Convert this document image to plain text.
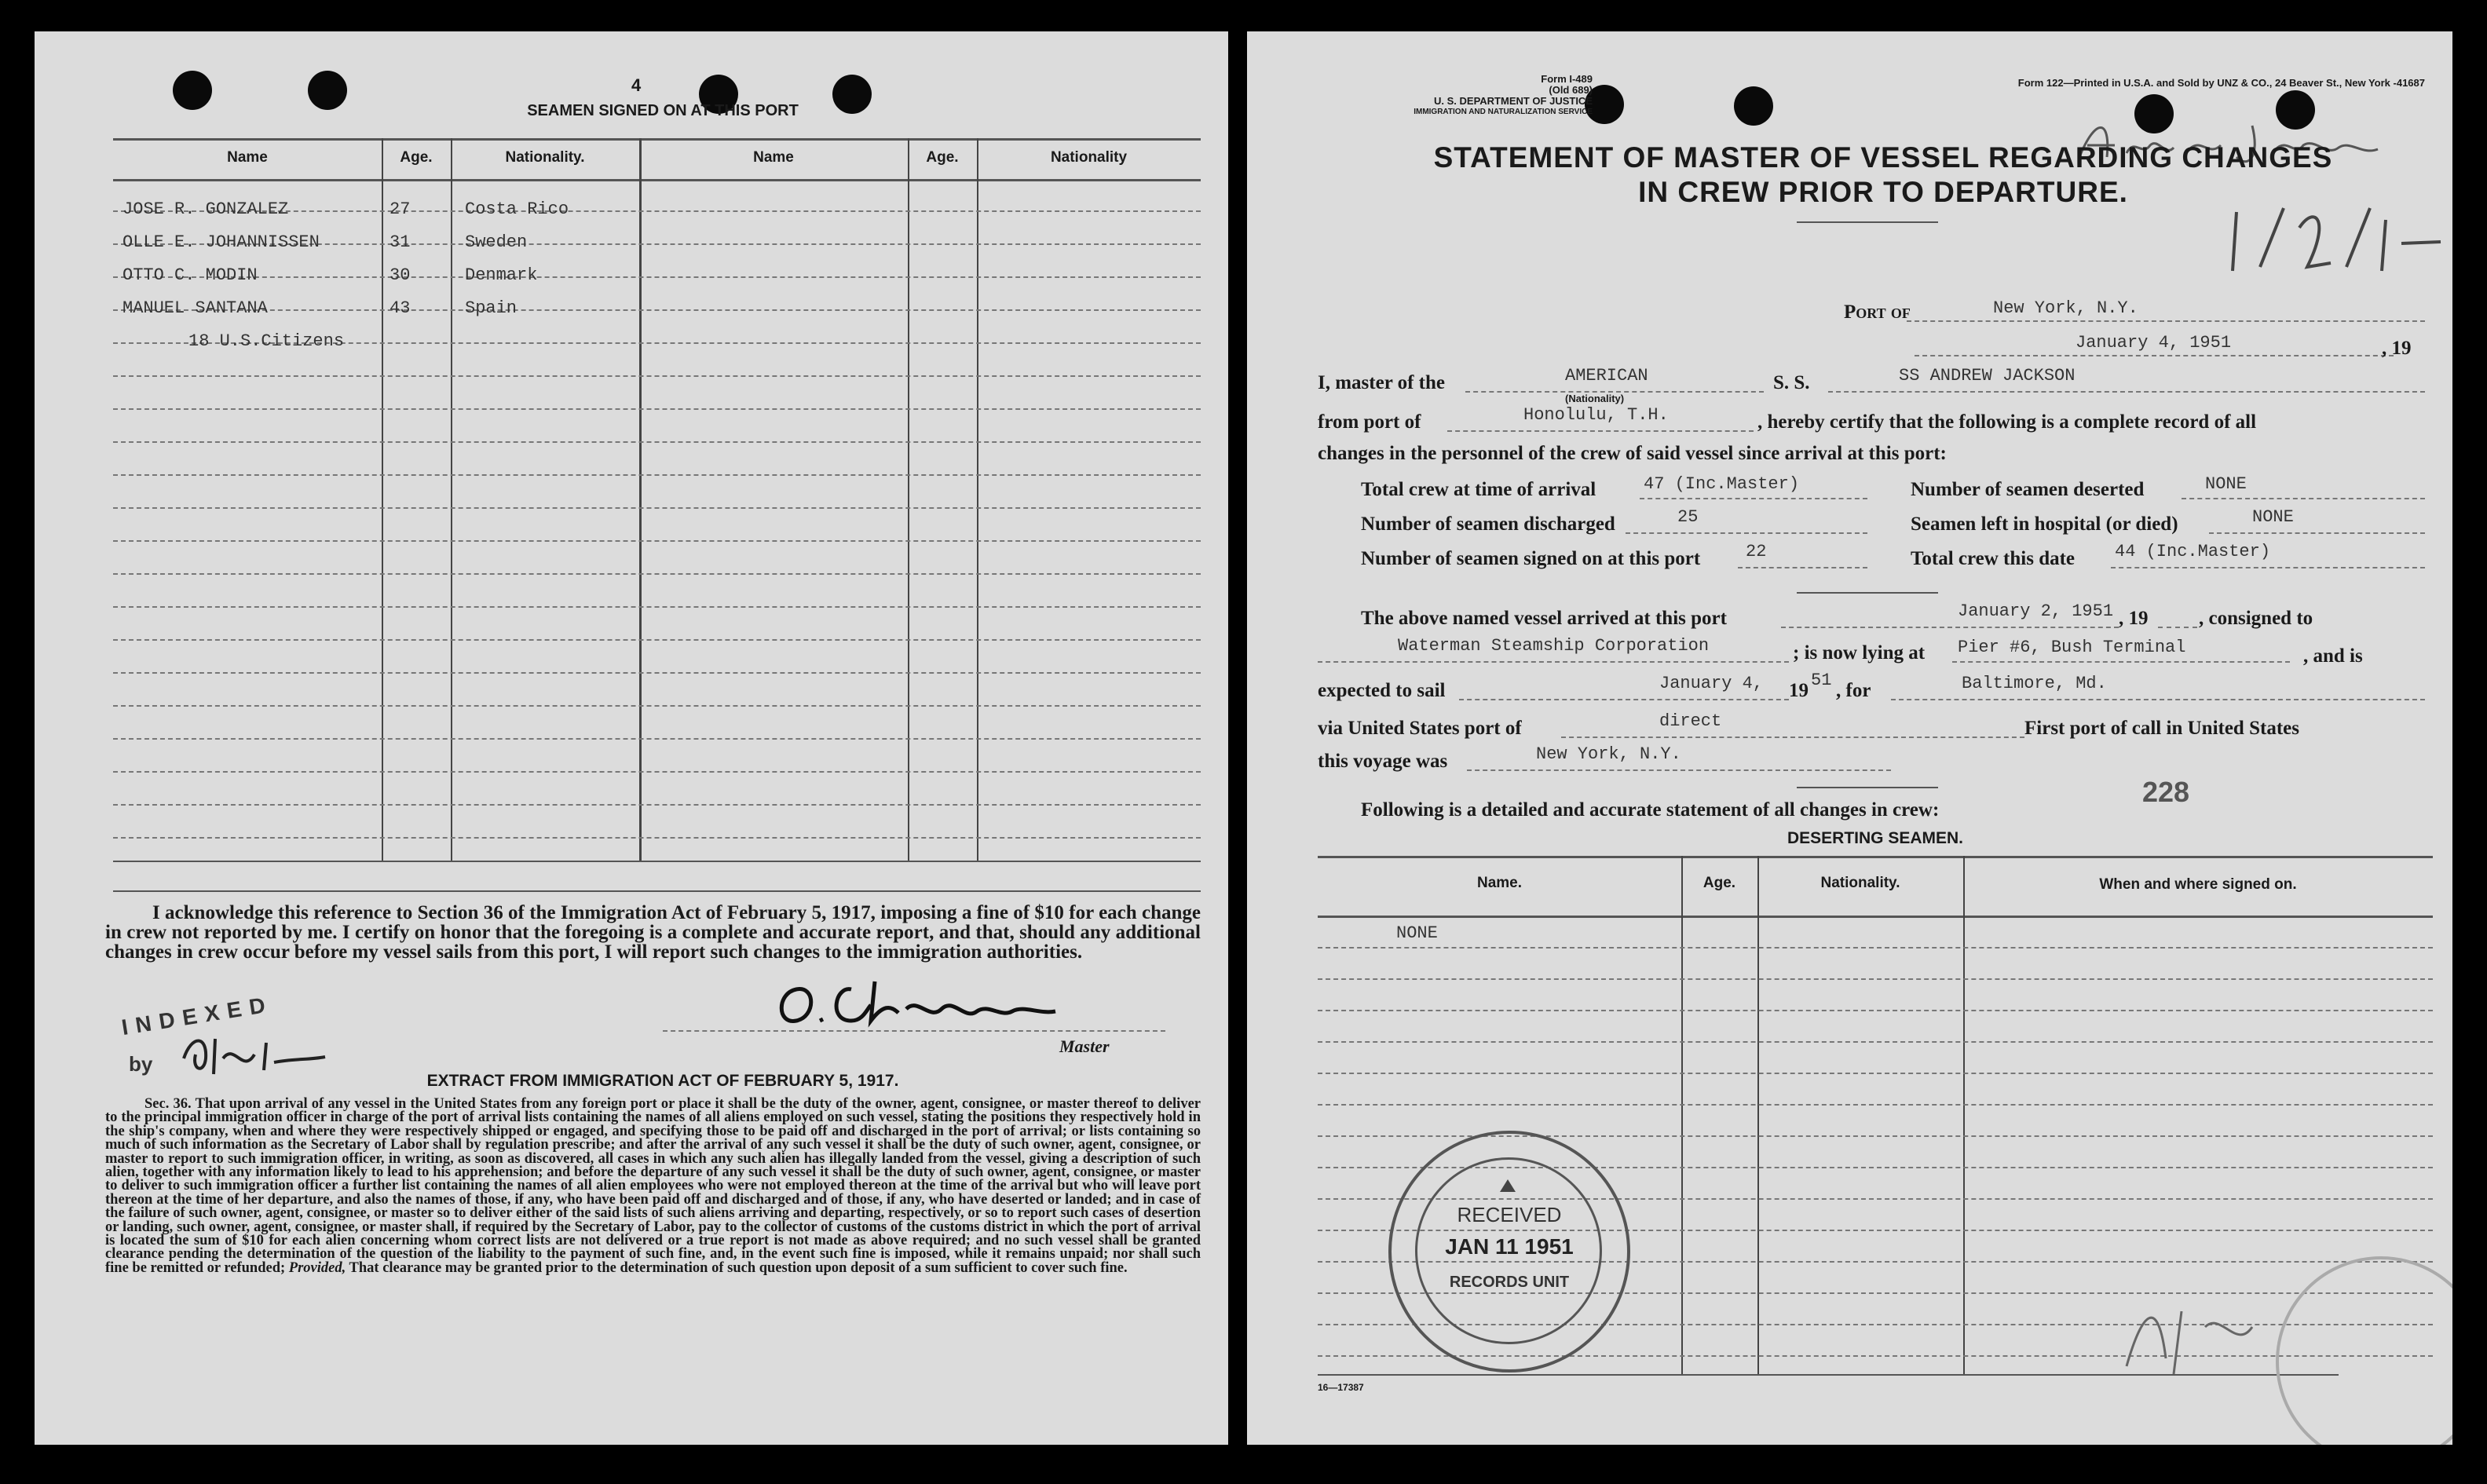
4
SEAMEN SIGNED ON AT THIS PORT
Name	Age.	Nationality.	Name	Age.	Nationality
JOSE R. GONZALEZ	27	Costa Rico
OLLE E. JOHANNISSEN	31	Sweden
OTTO C. MODIN	30	Denmark
MANUEL SANTANA	43	Spain
18 U.S.Citizens

I acknowledge this reference to Section 36 of the Immigration Act of February 5, 1917, imposing a fine of $10 for each change in crew not reported by me. I certify on honor that the foregoing is a complete and accurate report, and that, should any additional changes in crew occur before my vessel sails from this port, I will report such changes to the immigration authorities.

INDEXED
by
Master
EXTRACT FROM IMMIGRATION ACT OF FEBRUARY 5, 1917.

Sec. 36. That upon arrival of any vessel in the United States from any foreign port or place it shall be the duty of the owner, agent, consignee, or master thereof to deliver to the principal immigration officer in charge of the port of arrival lists containing the names of all aliens employed on such vessel, stating the positions they respectively hold in the ship's company, when and where they were respectively shipped or engaged, and specifying those to be paid off and discharged in the port of arrival; or lists containing so much of such information as the Secretary of Labor shall by regulation prescribe; and after the arrival of any such vessel it shall be the duty of such owner, agent, consignee, or master to report to such immigration officer, in writing, as soon as discovered, all cases in which any such alien has illegally landed from the vessel, giving a description of such alien, together with any information likely to lead to his apprehension; and before the departure of any such vessel it shall be the duty of such owner, agent, consignee, or master to deliver to such immigration officer a further list containing the names of all alien employees who were not employed thereon at the time of the arrival but who will leave port thereon at the time of her departure, and also the names of those, if any, who have been paid off and discharged and of those, if any, who have deserted or landed; and in case of the failure of such owner, agent, consignee, or master so to deliver either of the said lists of such aliens arriving and departing, respectively, or so to report such cases of desertion or landing, such owner, agent, consignee, or master shall, if required by the Secretary of Labor, pay to the collector of customs of the customs district in which the port of arrival is located the sum of $10 for each alien concerning whom correct lists are not delivered or a true report is not made as above required; and no such vessel shall be granted clearance pending the determination of the question of the liability to the payment of such fine, and, in the event such fine is imposed, while it remains unpaid; nor shall such fine be remitted or refunded; Provided, That clearance may be granted prior to the determination of such question upon deposit of a sum sufficient to cover such fine.

Form I-489
(Old 689)
U. S. DEPARTMENT OF JUSTICE
IMMIGRATION AND NATURALIZATION SERVICE
Form 122—Printed in U.S.A. and Sold by UNZ & CO., 24 Beaver St., New York -41687
STATEMENT OF MASTER OF VESSEL REGARDING CHANGES
IN CREW PRIOR TO DEPARTURE.
Port of	New York, N.Y.
January 4, 1951	, 19
I, master of the	AMERICAN
(Nationality)
S. S.	SS ANDREW JACKSON
from port of	Honolulu, T.H.	, hereby certify that the following is a complete record of all
changes in the personnel of the crew of said vessel since arrival at this port:
Total crew at time of arrival	47 (Inc.Master)
Number of seamen discharged	25
Number of seamen signed on at this port	22
Number of seamen deserted	NONE
Seamen left in hospital (or died)	NONE
Total crew this date 44 (Inc.Master)
The above named vessel arrived at this port	January 2, 1951 , 19	, consigned to
Waterman Steamship Corporation	; is now lying at Pier #6, Bush Terminal	, and is
expected to sail	January 4, 19 51 , for	Baltimore, Md.
via United States port of	direct	First port of call in United States
this voyage was	New York, N.Y.
228
Following is a detailed and accurate statement of all changes in crew:
DESERTING SEAMEN.
Name.	Age.	Nationality.	When and where signed on.
NONE
16—17387
RECEIVED
JAN 11 1951
RECORDS UNIT
